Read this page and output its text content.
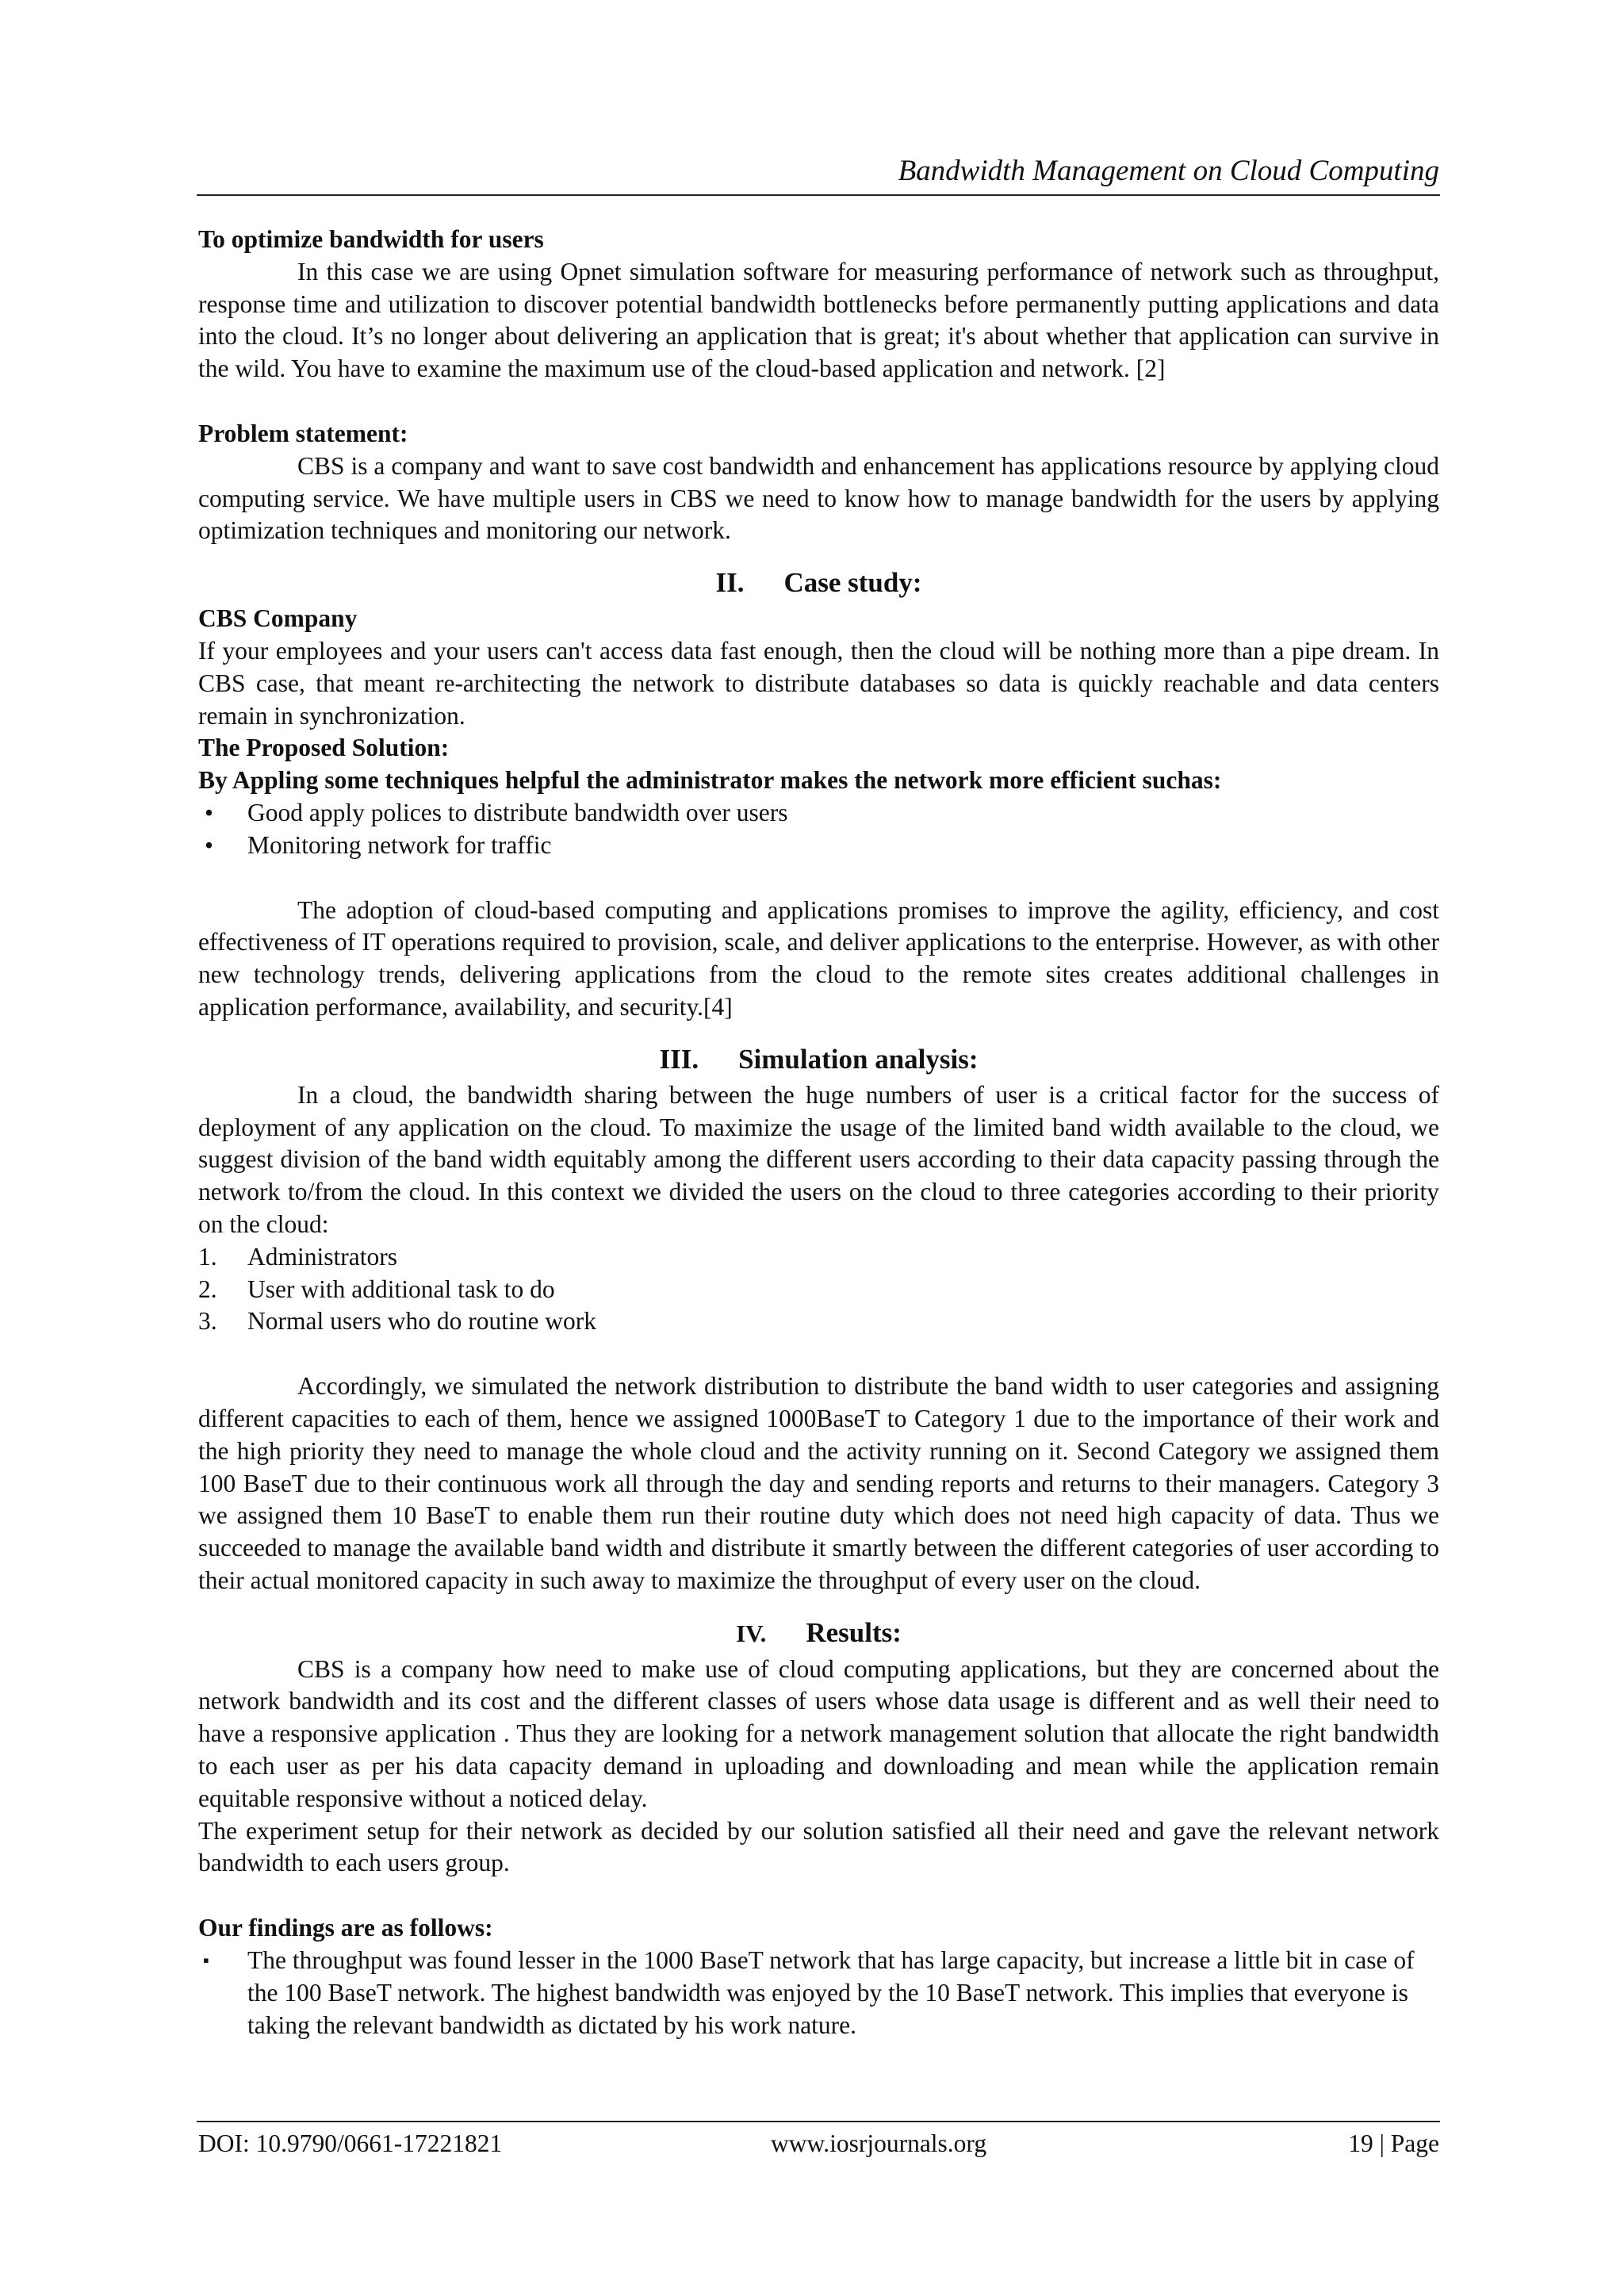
Bandwidth Management on Cloud Computing

To optimize bandwidth for users

In this case we are using Opnet simulation software for measuring performance of network such as throughput, response time and utilization to discover potential bandwidth bottlenecks before permanently putting applications and data into the cloud. It’s no longer about delivering an application that is great; it's about whether that application can survive in the wild. You have to examine the maximum use of the cloud-based application and network. [2]

Problem statement:

CBS is a company and want to save cost bandwidth and enhancement has applications resource by applying cloud computing service. We have multiple users in CBS we need to know how to manage bandwidth for the users by applying optimization techniques and monitoring our network.

II. Case study:

CBS Company

If your employees and your users can't access data fast enough, then the cloud will be nothing more than a pipe dream. In CBS case, that meant re-architecting the network to distribute databases so data is quickly reachable and data centers remain in synchronization.

The Proposed Solution:

By Appling some techniques helpful the administrator makes the network more efficient suchas:

• Good apply polices to distribute bandwidth over users
• Monitoring network for traffic

The adoption of cloud-based computing and applications promises to improve the agility, efficiency, and cost effectiveness of IT operations required to provision, scale, and deliver applications to the enterprise. However, as with other new technology trends, delivering applications from the cloud to the remote sites creates additional challenges in application performance, availability, and security.[4]

III. Simulation analysis:

In a cloud, the bandwidth sharing between the huge numbers of user is a critical factor for the success of deployment of any application on the cloud. To maximize the usage of the limited band width available to the cloud, we suggest division of the band width equitably among the different users according to their data capacity passing through the network to/from the cloud. In this context we divided the users on the cloud to three categories according to their priority on the cloud:

1. Administrators
2. User with additional task to do
3. Normal users who do routine work

Accordingly, we simulated the network distribution to distribute the band width to user categories and assigning different capacities to each of them, hence we assigned 1000BaseT to Category 1 due to the importance of their work and the high priority they need to manage the whole cloud and the activity running on it. Second Category we assigned them 100 BaseT due to their continuous work all through the day and sending reports and returns to their managers. Category 3 we assigned them 10 BaseT to enable them run their routine duty which does not need high capacity of data. Thus we succeeded to manage the available band width and distribute it smartly between the different categories of user according to their actual monitored capacity in such away to maximize the throughput of every user on the cloud.

IV. Results:

CBS is a company how need to make use of cloud computing applications, but they are concerned about the network bandwidth and its cost and the different classes of users whose data usage is different and as well their need to have a responsive application . Thus they are looking for a network management solution that allocate the right bandwidth to each user as per his data capacity demand in uploading and downloading and mean while the application remain equitable responsive without a noticed delay.

The experiment setup for their network as decided by our solution satisfied all their need and gave the relevant network bandwidth to each users group.

Our findings are as follows:

▪ The throughput was found lesser in the 1000 BaseT network that has large capacity, but increase a little bit in case of the 100 BaseT network. The highest bandwidth was enjoyed by the 10 BaseT network. This implies that everyone is taking the relevant bandwidth as dictated by his work nature.
DOI: 10.9790/0661-17221821	www.iosrjournals.org	19 | Page
